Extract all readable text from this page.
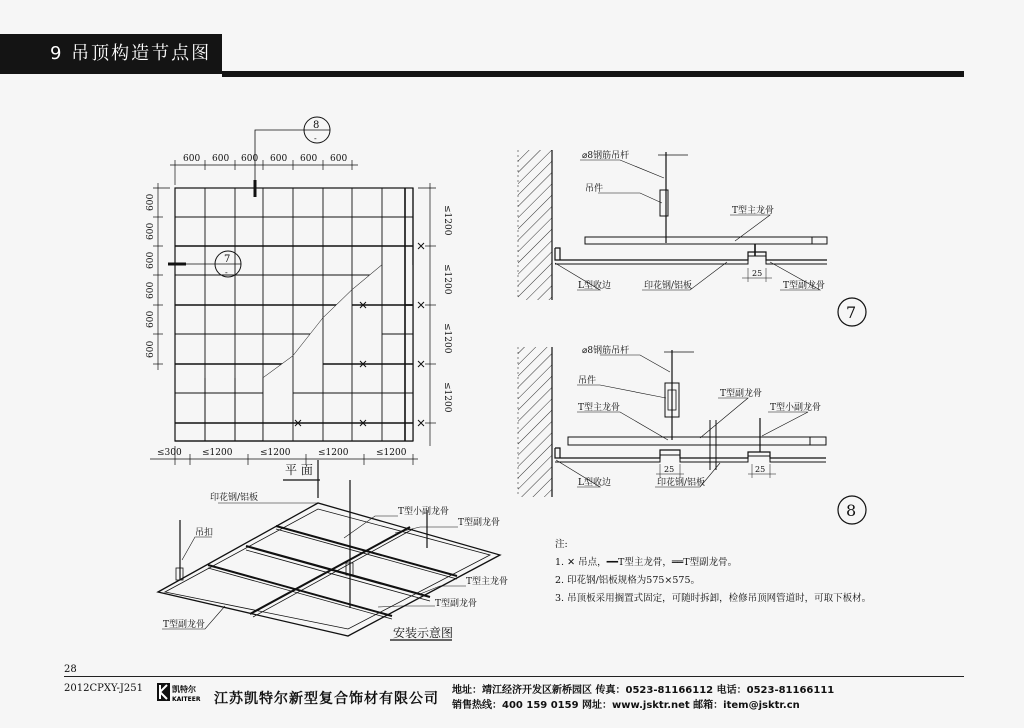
9 吊顶构造节点图
600 600 600 600 600 600
600
600
600
600
600
600
≤1200
≤1200
≤1200
≤1200
≤300 ≤1200	≤1200	≤1200	≤1200
8
-
7
-
平 面
⌀8钢筋吊杆
吊件
T型主龙骨
L型收边	印花钢/铝板	T型副龙骨
25
7
⌀8钢筋吊杆
吊件
T型主龙骨
T型副龙骨
T型小副龙骨
L型收边	印花钢/铝板
25	25
8
印花钢/铝板
T型小副龙骨
吊扣
T型副龙骨
T型主龙骨
T型副龙骨
T型副龙骨
安装示意图
注:
1. ✕ 吊点，━━T型主龙骨，══T型副龙骨。
2. 印花钢/铝板规格为575×575。
3. 吊顶板采用搁置式固定，可随时拆卸，检修吊顶网管道时，可取下板材。
28
2012CPXY-J251	凯特尔
KAITEER 江苏凯特尔新型复合饰材有限公司
地址：靖江经济开发区新桥园区 传真：0523-81166112 电话：0523-81166111
销售热线：400 159 0159 网址：www.jsktr.net 邮箱：item@jsktr.cn
